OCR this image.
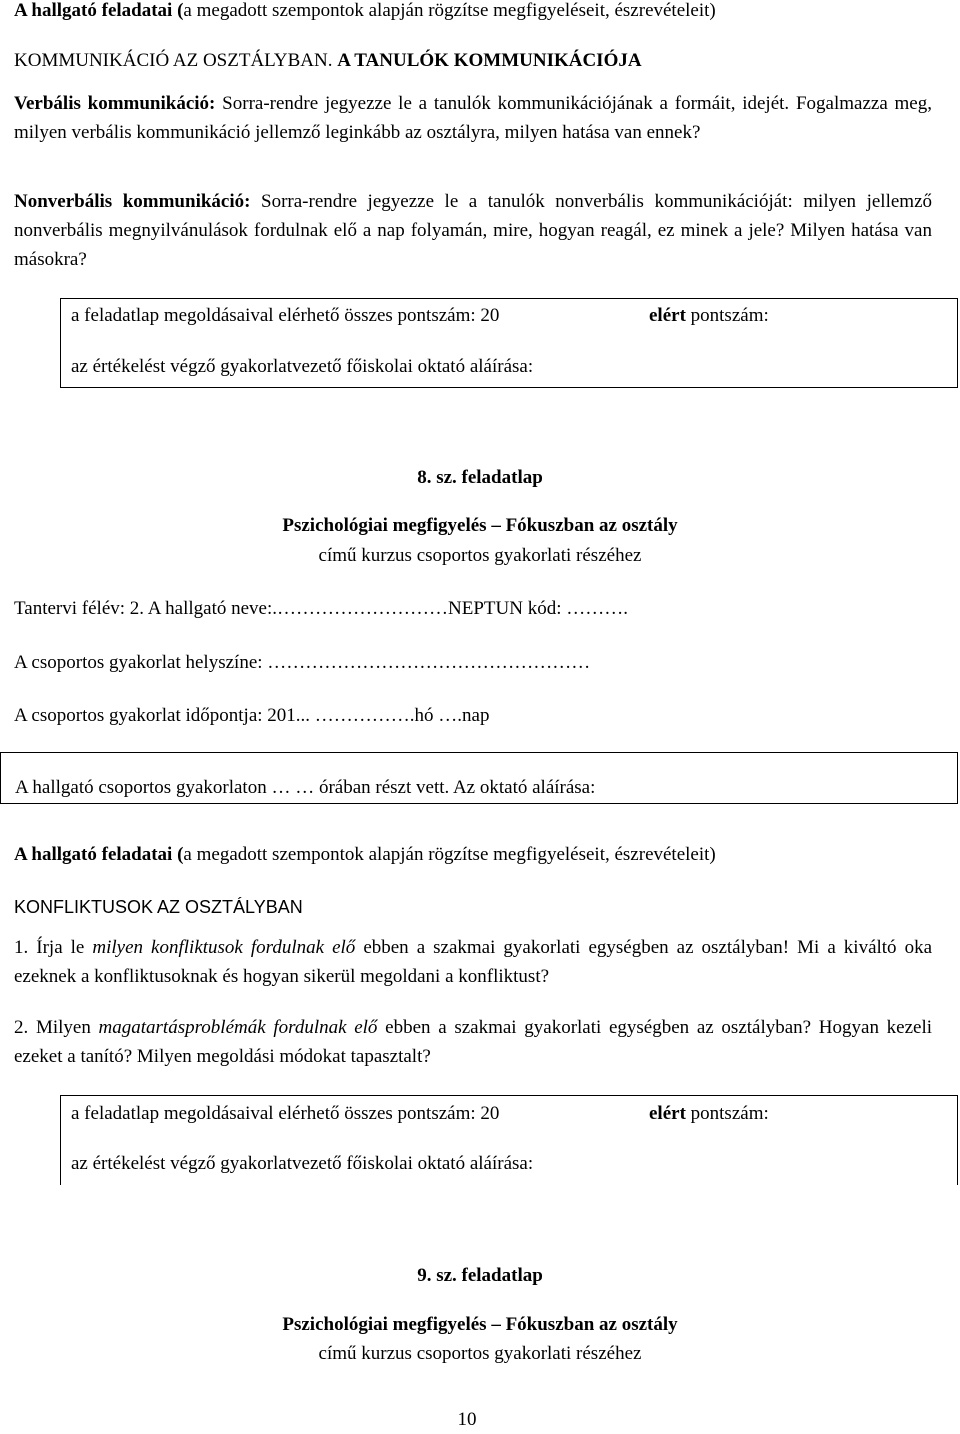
A hallgató feladatai (a megadott szempontok alapján rögzítse megfigyeléseit, észrevételeit)

KOMMUNIKÁCIÓ AZ OSZTÁLYBAN. A TANULÓK KOMMUNIKÁCIÓJA

Verbális kommunikáció: Sorra-rendre jegyezze le a tanulók kommunikációjának a formáit, idejét. Fogalmazza meg, milyen verbális kommunikáció jellemző leginkább az osztályra, milyen hatása van ennek?

Nonverbális kommunikáció: Sorra-rendre jegyezze le a tanulók nonverbális kommunikációját: milyen jellemző nonverbális megnyilvánulások fordulnak elő a nap folyamán, mire, hogyan reagál, ez minek a jele? Milyen hatása van másokra?

a feladatlap megoldásaival elérhető összes pontszám: 20	elért pontszám:
az értékelést végző gyakorlatvezető főiskolai oktató aláírása:

8. sz. feladatlap

Pszichológiai megfigyelés – Fókuszban az osztály

című kurzus csoportos gyakorlati részéhez

Tantervi félév: 2. A hallgató neve:.………………………NEPTUN kód: ……….

A csoportos gyakorlat helyszíne: ……………………………………………

A csoportos gyakorlat időpontja: 201... …………….hó ….nap

A hallgató csoportos gyakorlaton … … órában részt vett. Az oktató aláírása:

A hallgató feladatai (a megadott szempontok alapján rögzítse megfigyeléseit, észrevételeit)

KONFLIKTUSOK AZ OSZTÁLYBAN

1. Írja le milyen konfliktusok fordulnak elő ebben a szakmai gyakorlati egységben az osztályban! Mi a kiváltó oka ezeknek a konfliktusoknak és hogyan sikerül megoldani a konfliktust?

2. Milyen magatartásproblémák fordulnak elő ebben a szakmai gyakorlati egységben az osztályban? Hogyan kezeli ezeket a tanító? Milyen megoldási módokat tapasztalt?

a feladatlap megoldásaival elérhető összes pontszám: 20	elért pontszám:
az értékelést végző gyakorlatvezető főiskolai oktató aláírása:

9. sz. feladatlap

Pszichológiai megfigyelés – Fókuszban az osztály

című kurzus csoportos gyakorlati részéhez

10
